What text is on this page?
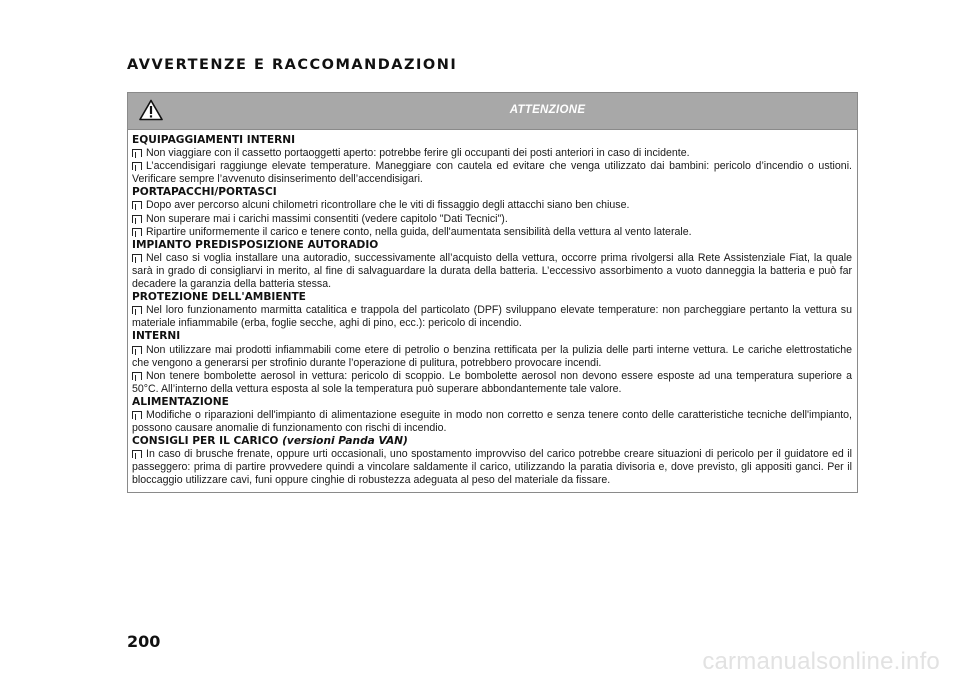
AVVERTENZE E RACCOMANDAZIONI
ATTENZIONE
EQUIPAGGIAMENTI INTERNI

Non viaggiare con il cassetto portaoggetti aperto: potrebbe ferire gli occupanti dei posti anteriori in caso di incidente.

L’accendisigari raggiunge elevate temperature. Maneggiare con cautela ed evitare che venga utilizzato dai bambini: pericolo d’incendio o ustioni. Verificare sempre l’avvenuto disinserimento dell’accendisigari.

PORTAPACCHI/PORTASCI

Dopo aver percorso alcuni chilometri ricontrollare che le viti di fissaggio degli attacchi siano ben chiuse.

Non superare mai i carichi massimi consentiti (vedere capitolo "Dati Tecnici").

Ripartire uniformemente il carico e tenere conto, nella guida, dell'aumentata sensibilità della vettura al vento laterale.

IMPIANTO PREDISPOSIZIONE AUTORADIO

Nel caso si voglia installare una autoradio, successivamente all’acquisto della vettura, occorre prima rivolgersi alla Rete Assistenziale Fiat, la quale sarà in grado di consigliarvi in merito, al fine di salvaguardare la durata della batteria. L’eccessivo assorbimento a vuoto danneggia la batteria e può far decadere la garanzia della batteria stessa.

PROTEZIONE DELL'AMBIENTE

Nel loro funzionamento marmitta catalitica e trappola del particolato (DPF) sviluppano elevate temperature: non parcheggiare pertanto la vettura su materiale infiammabile (erba, foglie secche, aghi di pino, ecc.): pericolo di incendio.

INTERNI

Non utilizzare mai prodotti infiammabili come etere di petrolio o benzina rettificata per la pulizia delle parti interne vettura. Le cariche elettrostatiche che vengono a generarsi per strofinio durante l’operazione di pulitura, potrebbero provocare incendi.

Non tenere bombolette aerosol in vettura: pericolo di scoppio. Le bombolette aerosol non devono essere esposte ad una temperatura superiore a 50°C. All’interno della vettura esposta al sole la temperatura può superare abbondantemente tale valore.

ALIMENTAZIONE

Modifiche o riparazioni dell'impianto di alimentazione eseguite in modo non corretto e senza tenere conto delle caratteristiche tecniche dell'impianto, possono causare anomalie di funzionamento con rischi di incendio.

CONSIGLI PER IL CARICO (versioni Panda VAN)

In caso di brusche frenate, oppure urti occasionali, uno spostamento improvviso del carico potrebbe creare situazioni di pericolo per il guidatore ed il passeggero: prima di partire provvedere quindi a vincolare saldamente il carico, utilizzando la paratia divisoria e, dove previsto, gli appositi ganci. Per il bloccaggio utilizzare cavi, funi oppure cinghie di robustezza adeguata al peso del materiale da fissare.

200
carmanualsonline.info
